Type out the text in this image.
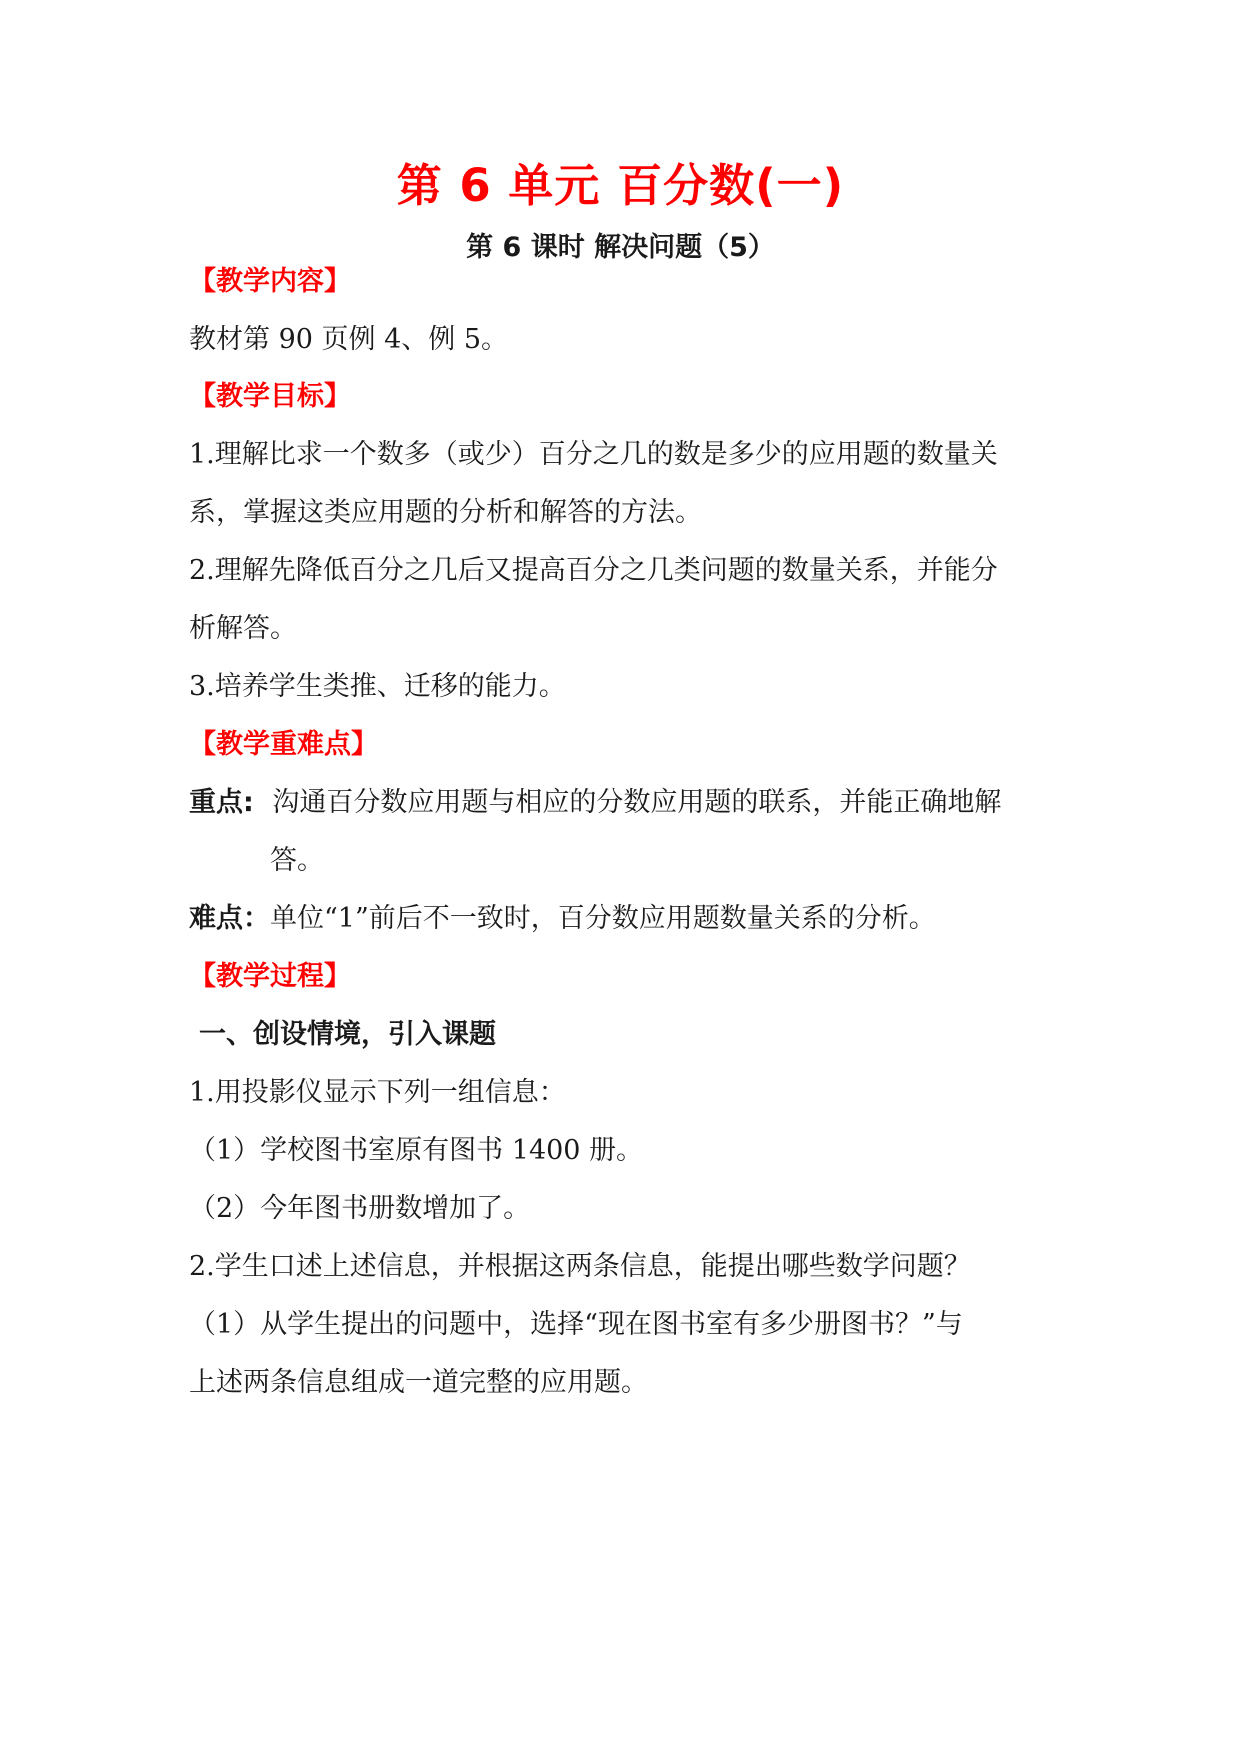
第 6 单元 百分数(一)
第 6 课时 解决问题（5）
【教学内容】
教材第 90 页例 4、例 5。
【教学目标】
1.理解比求一个数多（或少）百分之几的数是多少的应用题的数量关
系，掌握这类应用题的分析和解答的方法。
2.理解先降低百分之几后又提高百分之几类问题的数量关系，并能分
析解答。
3.培养学生类推、迁移的能力。
【教学重难点】
重点: 沟通百分数应用题与相应的分数应用题的联系，并能正确地解
答。
难点：单位“1”前后不一致时，百分数应用题数量关系的分析。
【教学过程】
一、创设情境，引入课题
1.用投影仪显示下列一组信息：
（1）学校图书室原有图书 1400 册。
（2）今年图书册数增加了。
2.学生口述上述信息，并根据这两条信息，能提出哪些数学问题？
（1）从学生提出的问题中，选择“现在图书室有多少册图书？”与
上述两条信息组成一道完整的应用题。
